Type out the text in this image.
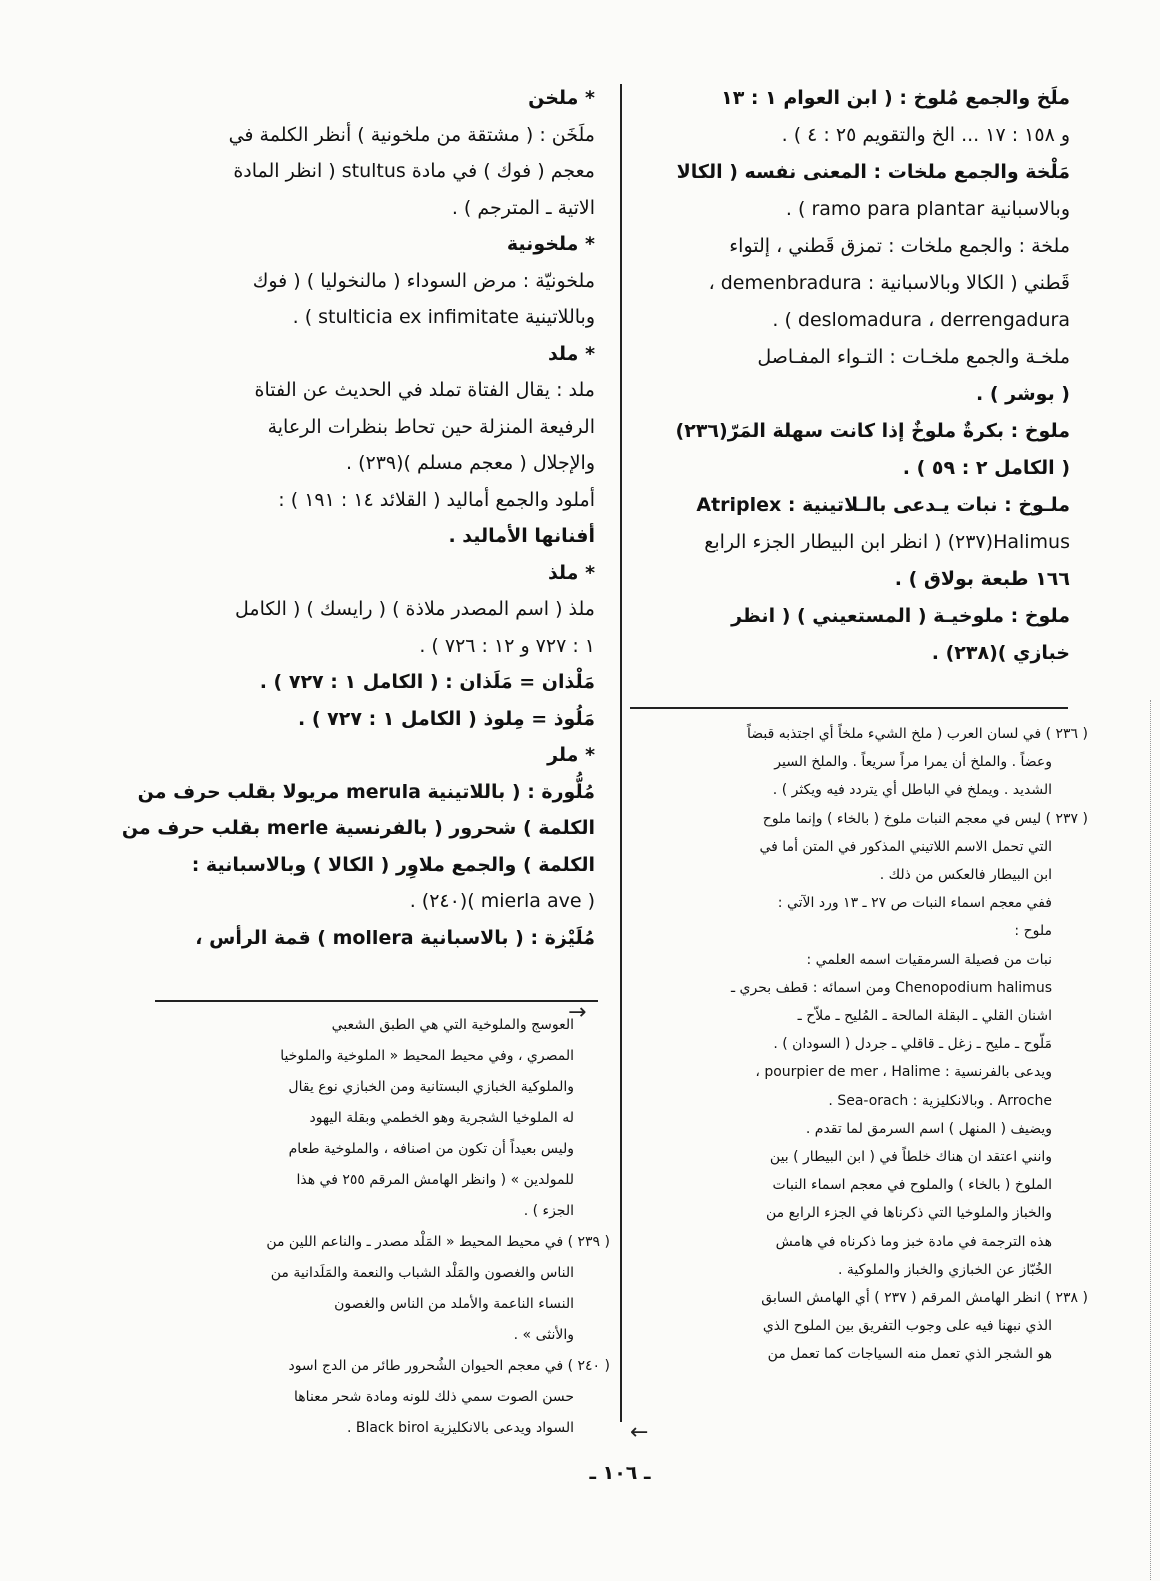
ملَخ والجمع مُلوخ : ( ابن العوام ١ : ١٣
و ١٥٨ : ١٧ ... الخ والتقويم ٢٥ : ٤ ) .
مَلْخة والجمع ملخات : المعنى نفسه ( الكالا
وبالاسبانية ramo para plantar ) .
ملخة : والجمع ملخات : تمزق قَطني ، إلتواء
قَطني ( الكالا وبالاسبانية : demenbradura ،
deslomadura ، derrengadura ) .
ملخـة والجمع ملخـات : التـواء المفـاصل
( بوشر ) .
ملوخ : بكرةٌ ملوخٌ إذا كانت سهلة المَرّ(٢٣٦)
( الكامل ٢ : ٥٩ ) .
ملـوخ : نبات يـدعى بالـلاتينية : Atriplex
Halimus(٢٣٧) ( انظر ابن البيطار الجزء الرابع
١٦٦ طبعة بولاق ) .
ملوخ : ملوخيـة ( المستعيني ) ( انظر
خبازي )(٢٣٨) .
* ملخن
ملَخَن : ( مشتقة من ملخونية ) أنظر الكلمة في
معجم ( فوك ) في مادة stultus ( انظر المادة
الاتية ـ المترجم ) .
* ملخونية
ملخونيّة : مرض السوداء ( مالنخوليا ) ( فوك
وباللاتينية stulticia ex infimitate ) .
* ملد
ملد : يقال الفتاة تملد في الحديث عن الفتاة
الرفيعة المنزلة حين تحاط بنظرات الرعاية
والإجلال ( معجم مسلم )(٢٣٩) .
أملود والجمع أماليد ( القلائد ١٤ : ١٩١ ) :
أفنانها الأماليد .
* ملذ
ملذ ( اسم المصدر ملاذة ) ( رايسك ) ( الكامل
١ : ٧٢٧ و ١٢ : ٧٢٦ ) .
مَلْذان = مَلَذان : ( الكامل ١ : ٧٢٧ ) .
مَلُوذ = مِلوذ ( الكامل ١ : ٧٢٧ ) .
* ملر
مُلُّورة : ( باللاتينية merula مريولا بقلب حرف من
الكلمة ) شحرور ( بالفرنسية merle بقلب حرف من
الكلمة ) والجمع ملاوِر ( الكالا ) وبالاسبانية :
( mierla ave )(٢٤٠) .
مُلَيْزة : ( بالاسبانية mollera ) قمة الرأس ،
→
←
( ٢٣٦ ) في لسان العرب ( ملخ الشيء ملخاً أي اجتذبه قبضاً
وعضاً . والملخ أن يمرا مراً سريعاً . والملخ السير
الشديد . ويملخ في الباطل أي يتردد فيه ويكثر ) .
( ٢٣٧ ) ليس في معجم النبات ملوخ ( بالخاء ) وإنما ملوح
التي تحمل الاسم اللاتيني المذكور في المتن أما في
ابن البيطار فالعكس من ذلك .
ففي معجم اسماء النبات ص ٢٧ ـ ١٣ ورد الآتي :
ملوح :
نبات من فصيلة السرمقيات اسمه العلمي :
Chenopodium halimus ومن اسمائه : قطف بحري ـ
اشنان القلي ـ البقلة المالحة ـ المُليح ـ ملاّح ـ
مَلّوح ـ مليح ـ زغل ـ قاقلي ـ جردل ( السودان ) .
ويدعى بالفرنسية : pourpier de mer ، Halime ،
Arroche . وبالانكليزية : Sea-orach .
ويضيف ( المنهل ) اسم السرمق لما تقدم .
وانني اعتقد ان هناك خلطاً في ( ابن البيطار ) بين
الملوخ ( بالخاء ) والملوح في معجم اسماء النبات
والخباز والملوخيا التي ذكرناها في الجزء الرابع من
هذه الترجمة في مادة خبز وما ذكرناه في هامش
الخُبّاز عن الخبازي والخباز والملوكية .
( ٢٣٨ ) انظر الهامش المرقم ( ٢٣٧ ) أي الهامش السابق
الذي نبهنا فيه على وجوب التفريق بين الملوح الذي
هو الشجر الذي تعمل منه السياجات كما تعمل من
العوسج والملوخية التي هي الطبق الشعبي
المصري ، وفي محيط المحيط « الملوخية والملوخيا
والملوكية الخبازي البستانية ومن الخبازي نوع يقال
له الملوخيا الشجرية وهو الخطمي وبقلة اليهود
وليس بعيداً أن تكون من اصنافه ، والملوخية طعام
للمولدين » ( وانظر الهامش المرقم ٢٥٥ في هذا
الجزء ) .
( ٢٣٩ ) في محيط المحيط « المَلْد مصدر ـ والناعم اللين من
الناس والغصون والمَلْد الشباب والنعمة والمَلَدانية من
النساء الناعمة والأملد من الناس والغصون
والأنثى » .
( ٢٤٠ ) في معجم الحيوان الشُحرور طائر من الدج اسود
حسن الصوت سمي ذلك للونه ومادة شحر معناها
السواد ويدعى بالانكليزية Black birol .
ـ ١٠٦ ـ
